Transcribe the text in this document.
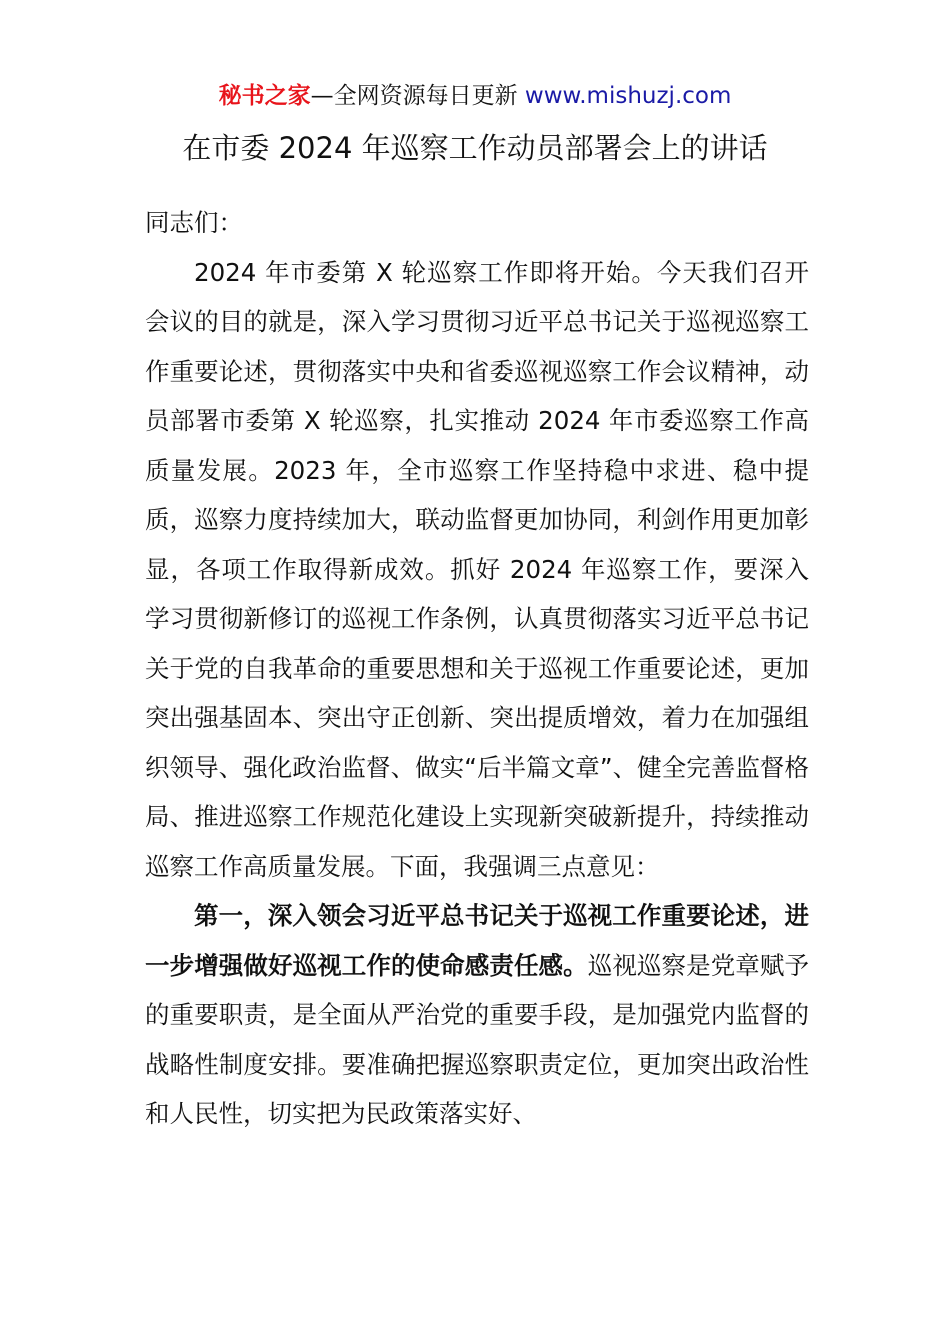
秘书之家—全网资源每日更新 www.mishuzj.com
在市委 2024 年巡察工作动员部署会上的讲话

同志们：

2024 年市委第 X 轮巡察工作即将开始。今天我们召开会议的目的就是，深入学习贯彻习近平总书记关于巡视巡察工作重要论述，贯彻落实中央和省委巡视巡察工作会议精神，动员部署市委第 X 轮巡察，扎实推动 2024 年市委巡察工作高质量发展。2023 年，全市巡察工作坚持稳中求进、稳中提质，巡察力度持续加大，联动监督更加协同，利剑作用更加彰显，各项工作取得新成效。抓好 2024 年巡察工作，要深入学习贯彻新修订的巡视工作条例，认真贯彻落实习近平总书记关于党的自我革命的重要思想和关于巡视工作重要论述，更加突出强基固本、突出守正创新、突出提质增效，着力在加强组织领导、强化政治监督、做实“后半篇文章”、健全完善监督格局、推进巡察工作规范化建设上实现新突破新提升，持续推动巡察工作高质量发展。下面，我强调三点意见：

第一，深入领会习近平总书记关于巡视工作重要论述，进一步增强做好巡视工作的使命感责任感。巡视巡察是党章赋予的重要职责，是全面从严治党的重要手段，是加强党内监督的战略性制度安排。要准确把握巡察职责定位，更加突出政治性和人民性，切实把为民政策落实好、
